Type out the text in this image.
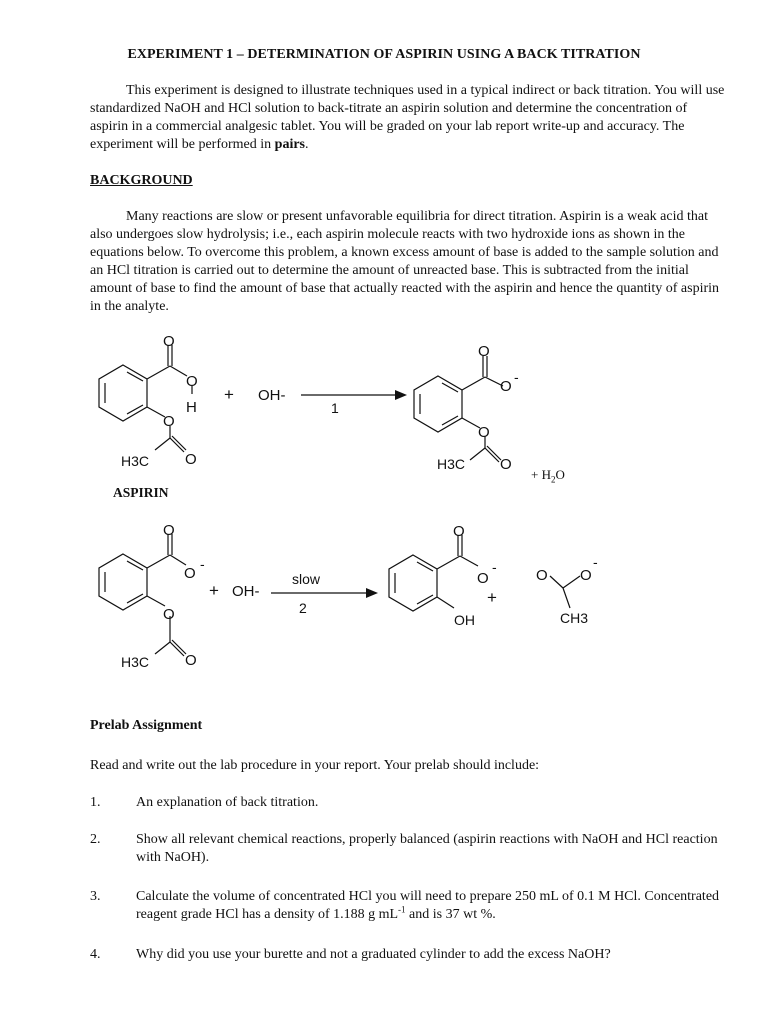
EXPERIMENT 1 – DETERMINATION OF ASPIRIN USING A BACK TITRATION
This experiment is designed to illustrate techniques used in a typical indirect or back titration. You will use standardized NaOH and HCl solution to back-titrate an aspirin solution and determine the concentration of aspirin in a commercial analgesic tablet. You will be graded on your lab report write-up and accuracy. The experiment will be performed in pairs.
BACKGROUND
Many reactions are slow or present unfavorable equilibria for direct titration. Aspirin is a weak acid that also undergoes slow hydrolysis; i.e., each aspirin molecule reacts with two hydroxide ions as shown in the equations below. To overcome this problem, a known excess amount of base is added to the sample solution and an HCl titration is carried out to determine the amount of unreacted base. This is subtracted from the initial amount of base to find the amount of base that actually reacted with the aspirin and hence the quantity of aspirin in the analyte.
O
O
H
O
H3C O
+ OH-
1
O
O
-
O
H3C O
O
O
-
O
H3C O
+ OH-
slow
2
O
O
-
OH
+
O O
-
CH3
ASPIRIN
+ $H_2O$
Prelab Assignment
Read and write out the lab procedure in your report. Your prelab should include:
1.	An explanation of back titration.
2.	Show all relevant chemical reactions, properly balanced (aspirin reactions with NaOH and HCl reaction with NaOH).
3.	Calculate the volume of concentrated HCl you will need to prepare 250 mL of 0.1 M HCl. Concentrated reagent grade HCl has a density of 1.188 g $mL^{-1}$ and is 37 wt %.
4.	Why did you use your burette and not a graduated cylinder to add the excess NaOH?
